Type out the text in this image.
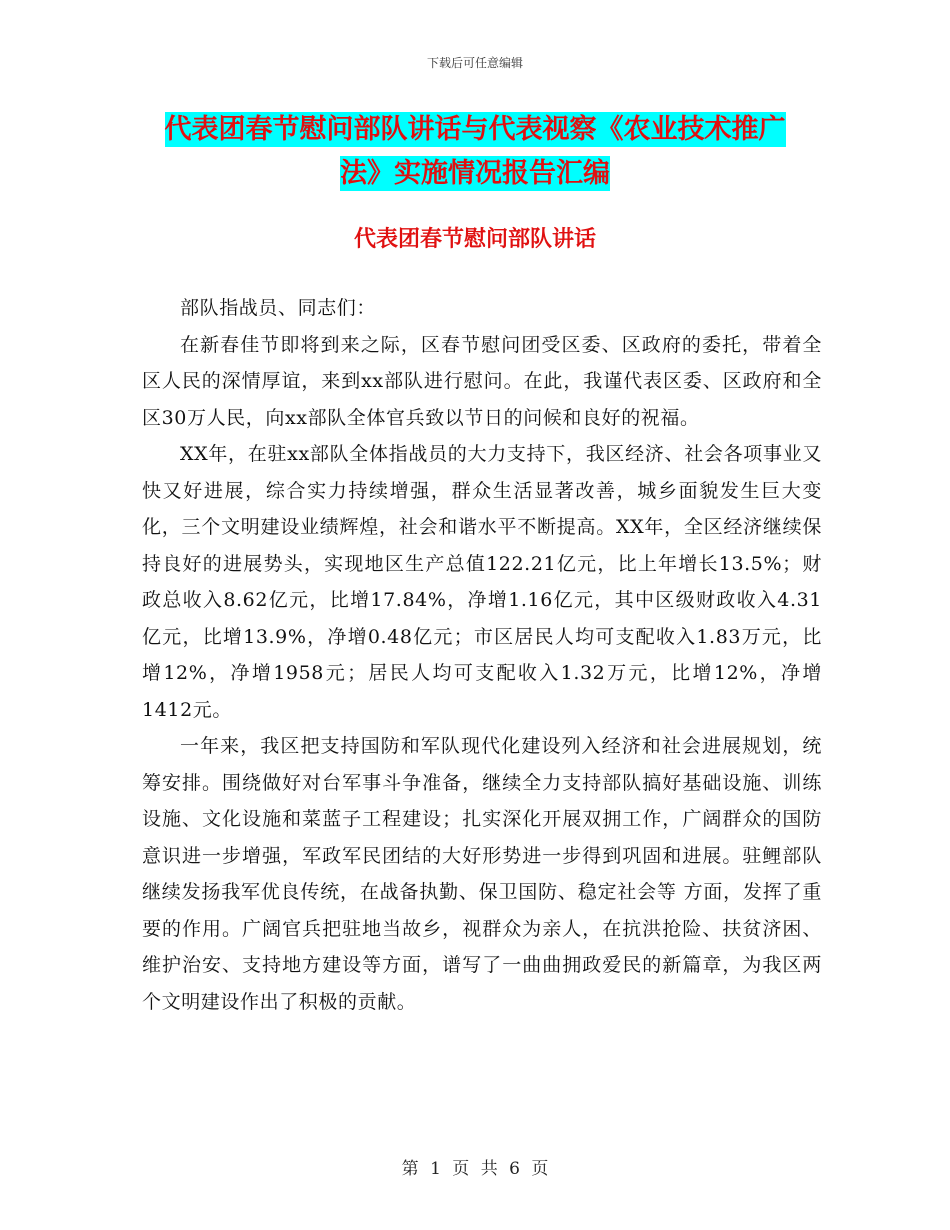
下载后可任意编辑
代表团春节慰问部队讲话与代表视察《农业技术推广
法》实施情况报告汇编
代表团春节慰问部队讲话

部队指战员、同志们：

在新春佳节即将到来之际，区春节慰问团受区委、区政府的委托，带着全区人民的深情厚谊，来到xx部队进行慰问。在此，我谨代表区委、区政府和全区30万人民，向xx部队全体官兵致以节日的问候和良好的祝福。

XX年，在驻xx部队全体指战员的大力支持下，我区经济、社会各项事业又快又好进展，综合实力持续增强，群众生活显著改善，城乡面貌发生巨大变化，三个文明建设业绩辉煌，社会和谐水平不断提高。XX年，全区经济继续保持良好的进展势头，实现地区生产总值122.21亿元，比上年增长13.5%；财政总收入8.62亿元，比增17.84%，净增1.16亿元，其中区级财政收入4.31亿元，比增13.9%，净增0.48亿元；市区居民人均可支配收入1.83万元，比增12%，净增1958元；居民人均可支配收入1.32万元，比增12%，净增1412元。

一年来，我区把支持国防和军队现代化建设列入经济和社会进展规划，统筹安排。围绕做好对台军事斗争准备，继续全力支持部队搞好基础设施、训练设施、文化设施和菜蓝子工程建设；扎实深化开展双拥工作，广阔群众的国防意识进一步增强，军政军民团结的大好形势进一步得到巩固和进展。驻鲤部队继续发扬我军优良传统，在战备执勤、保卫国防、稳定社会等 方面，发挥了重要的作用。广阔官兵把驻地当故乡，视群众为亲人，在抗洪抢险、扶贫济困、维护治安、支持地方建设等方面，谱写了一曲曲拥政爱民的新篇章，为我区两个文明建设作出了积极的贡献。

第 1 页 共 6 页
